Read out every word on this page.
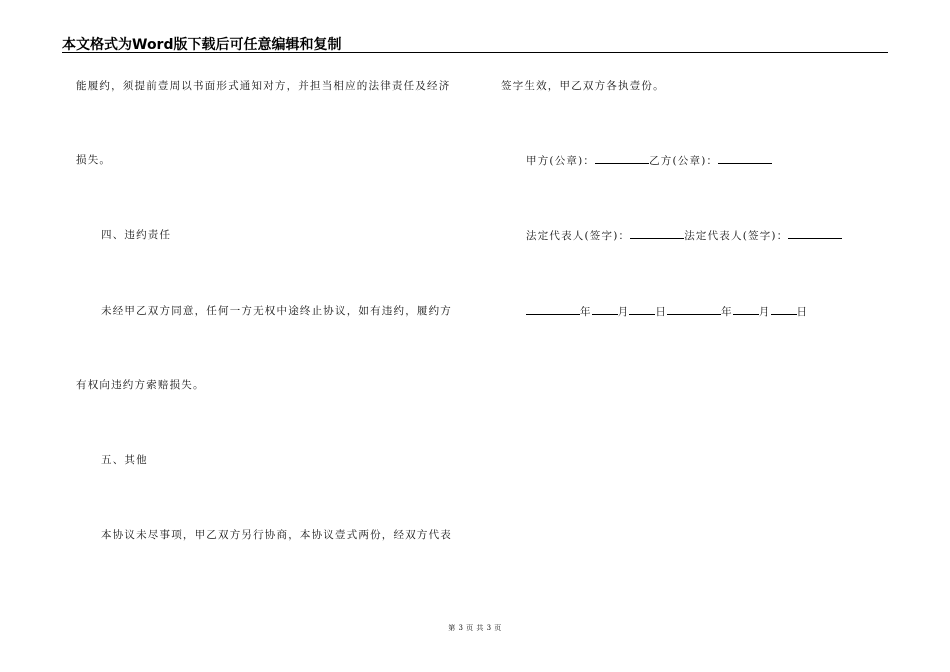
本文格式为Word版下载后可任意编辑和复制
能履约，须提前壹周以书面形式通知对方，并担当相应的法律责任及经济
损失。
四、违约责任
未经甲乙双方同意，任何一方无权中途终止协议，如有违约，履约方
有权向违约方索赔损失。
五、其他
本协议未尽事项，甲乙双方另行协商，本协议壹式两份，经双方代表
签字生效，甲乙双方各执壹份。
甲方(公章)：	乙方(公章)：
法定代表人(签字)：	法定代表人(签字)：
年 月 日	年 月 日
第 3 页 共 3 页
